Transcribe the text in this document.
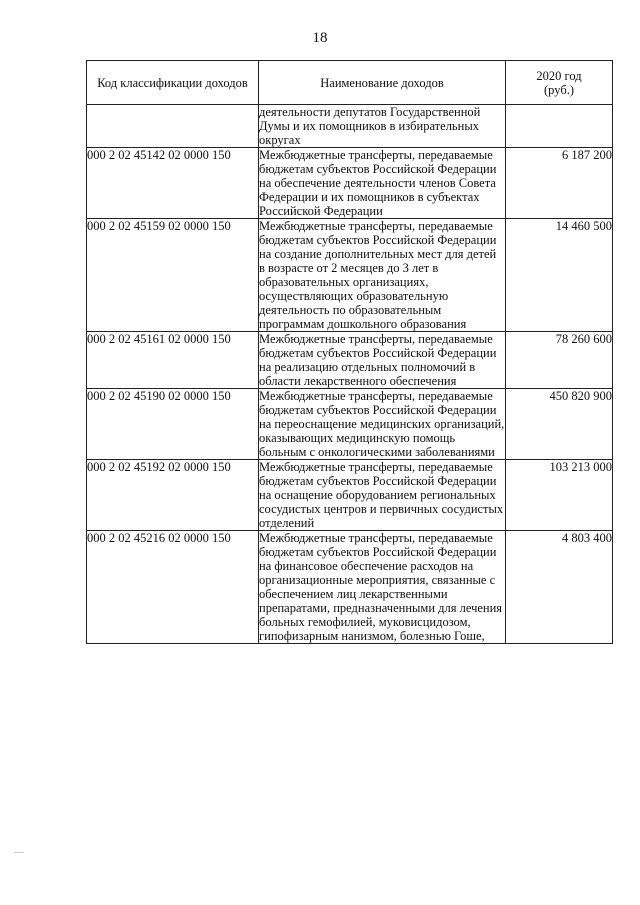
18
Код классификации доходов	Наименование доходов	2020 год
(руб.)
	деятельности депутатов Государственной Думы и их помощников в избирательных округах	
000 2 02 45142 02 0000 150	Межбюджетные трансферты, передаваемые бюджетам субъектов Российской Федерации на обеспечение деятельности членов Совета Федерации и их помощников в субъектах Российской Федерации	6 187 200
000 2 02 45159 02 0000 150	Межбюджетные трансферты, передаваемые бюджетам субъектов Российской Федерации на создание дополнительных мест для детей в возрасте от 2 месяцев до 3 лет в образовательных организациях, осуществляющих образовательную деятельность по образовательным программам дошкольного образования	14 460 500
000 2 02 45161 02 0000 150	Межбюджетные трансферты, передаваемые бюджетам субъектов Российской Федерации на реализацию отдельных полномочий в области лекарственного обеспечения	78 260 600
000 2 02 45190 02 0000 150	Межбюджетные трансферты, передаваемые бюджетам субъектов Российской Федерации на переоснащение медицинских организаций, оказывающих медицинскую помощь больным с онкологическими заболеваниями	450 820 900
000 2 02 45192 02 0000 150	Межбюджетные трансферты, передаваемые бюджетам субъектов Российской Федерации на оснащение оборудованием региональных сосудистых центров и первичных сосудистых отделений	103 213 000
000 2 02 45216 02 0000 150	Межбюджетные трансферты, передаваемые бюджетам субъектов Российской Федерации на финансовое обеспечение расходов на организационные мероприятия, связанные с обеспечением лиц лекарственными препаратами, предназначенными для лечения больных гемофилией, муковисцидозом, гипофизарным нанизмом, болезнью Гоше,	4 803 400
